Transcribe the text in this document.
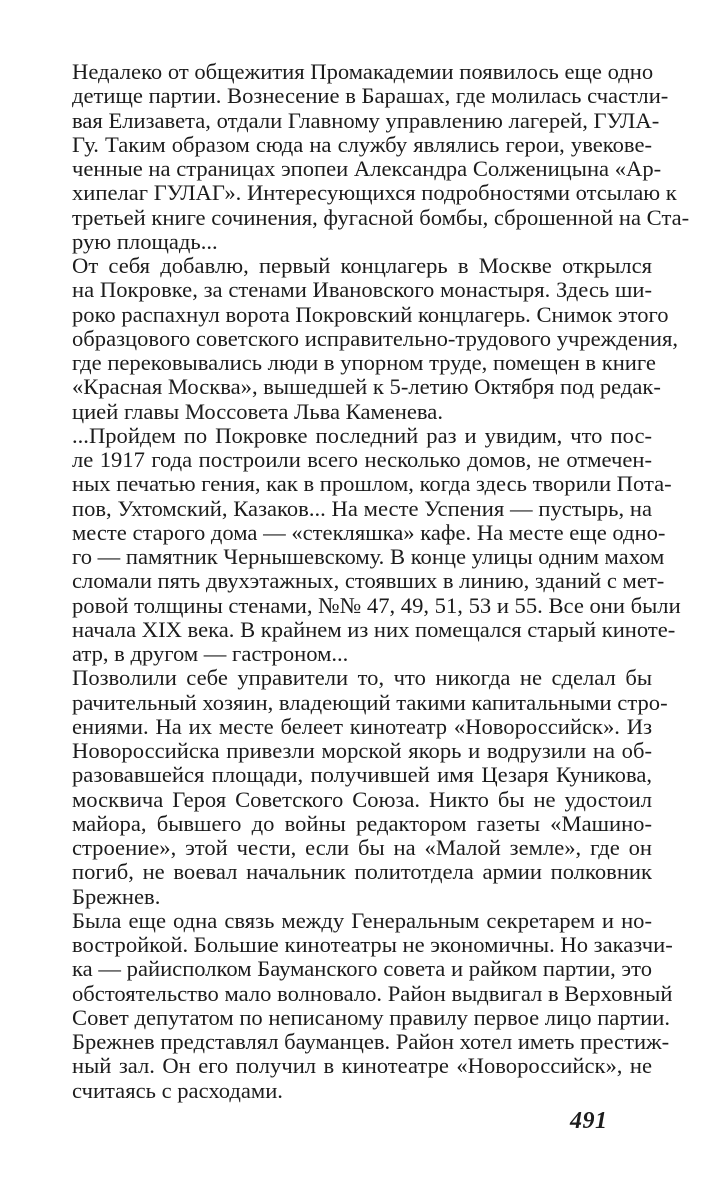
Недалеко от общежития Промакадемии появилось еще одно
детище партии. Вознесение в Барашах, где молилась счастли-
вая Елизавета, отдали Главному управлению лагерей, ГУЛА-
Гу. Таким образом сюда на службу являлись герои, увекове-
ченные на страницах эпопеи Александра Солженицына «Ар-
хипелаг ГУЛАГ». Интересующихся подробностями отсылаю к
третьей книге сочинения, фугасной бомбы, сброшенной на Ста-
рую площадь...
От себя добавлю, первый концлагерь в Москве открылся
на Покровке, за стенами Ивановского монастыря. Здесь ши-
роко распахнул ворота Покровский концлагерь. Снимок этого
образцового советского исправительно-трудового учреждения,
где перековывались люди в упорном труде, помещен в книге
«Красная Москва», вышедшей к 5-летию Октября под редак-
цией главы Моссовета Льва Каменева.
...Пройдем по Покровке последний раз и увидим, что пос-
ле 1917 года построили всего несколько домов, не отмечен-
ных печатью гения, как в прошлом, когда здесь творили Пота-
пов, Ухтомский, Казаков... На месте Успения — пустырь, на
месте старого дома — «стекляшка» кафе. На месте еще одно-
го — памятник Чернышевскому. В конце улицы одним махом
сломали пять двухэтажных, стоявших в линию, зданий с мет-
ровой толщины стенами, №№ 47, 49, 51, 53 и 55. Все они были
начала XIX века. В крайнем из них помещался старый киноте-
атр, в другом — гастроном...
Позволили себе управители то, что никогда не сделал бы
рачительный хозяин, владеющий такими капитальными стро-
ениями. На их месте белеет кинотеатр «Новороссийск». Из
Новороссийска привезли морской якорь и водрузили на об-
разовавшейся площади, получившей имя Цезаря Куникова,
москвича Героя Советского Союза. Никто бы не удостоил
майора, бывшего до войны редактором газеты «Машино-
строение», этой чести, если бы на «Малой земле», где он
погиб, не воевал начальник политотдела армии полковник
Брежнев.
Была еще одна связь между Генеральным секретарем и но-
востройкой. Большие кинотеатры не экономичны. Но заказчи-
ка — райисполком Бауманского совета и райком партии, это
обстоятельство мало волновало. Район выдвигал в Верховный
Совет депутатом по неписаному правилу первое лицо партии.
Брежнев представлял бауманцев. Район хотел иметь престиж-
ный зал. Он его получил в кинотеатре «Новороссийск», не
считаясь с расходами.
491
